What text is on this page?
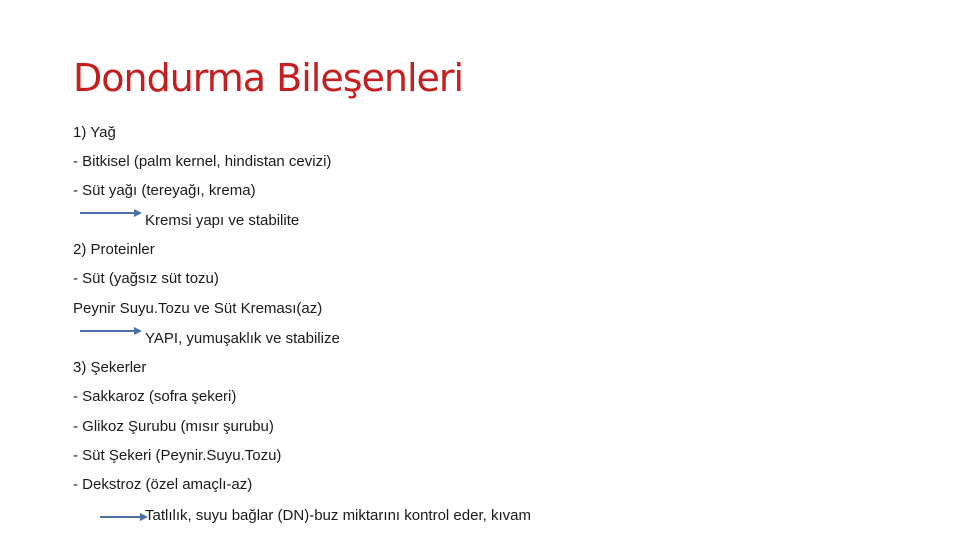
Dondurma Bileşenleri
1) Yağ
- Bitkisel (palm kernel, hindistan cevizi)
- Süt yağı (tereyağı, krema)
Kremsi yapı ve stabilite
2) Proteinler
- Süt (yağsız süt tozu)
Peynir Suyu.Tozu ve Süt Kreması(az)
YAPI, yumuşaklık ve stabilize
3) Şekerler
- Sakkaroz (sofra şekeri)
- Glikoz Şurubu (mısır şurubu)
- Süt Şekeri (Peynir.Suyu.Tozu)
- Dekstroz (özel amaçlı-az)
Tatlılık, suyu bağlar (DN)-buz miktarını kontrol eder, kıvam
